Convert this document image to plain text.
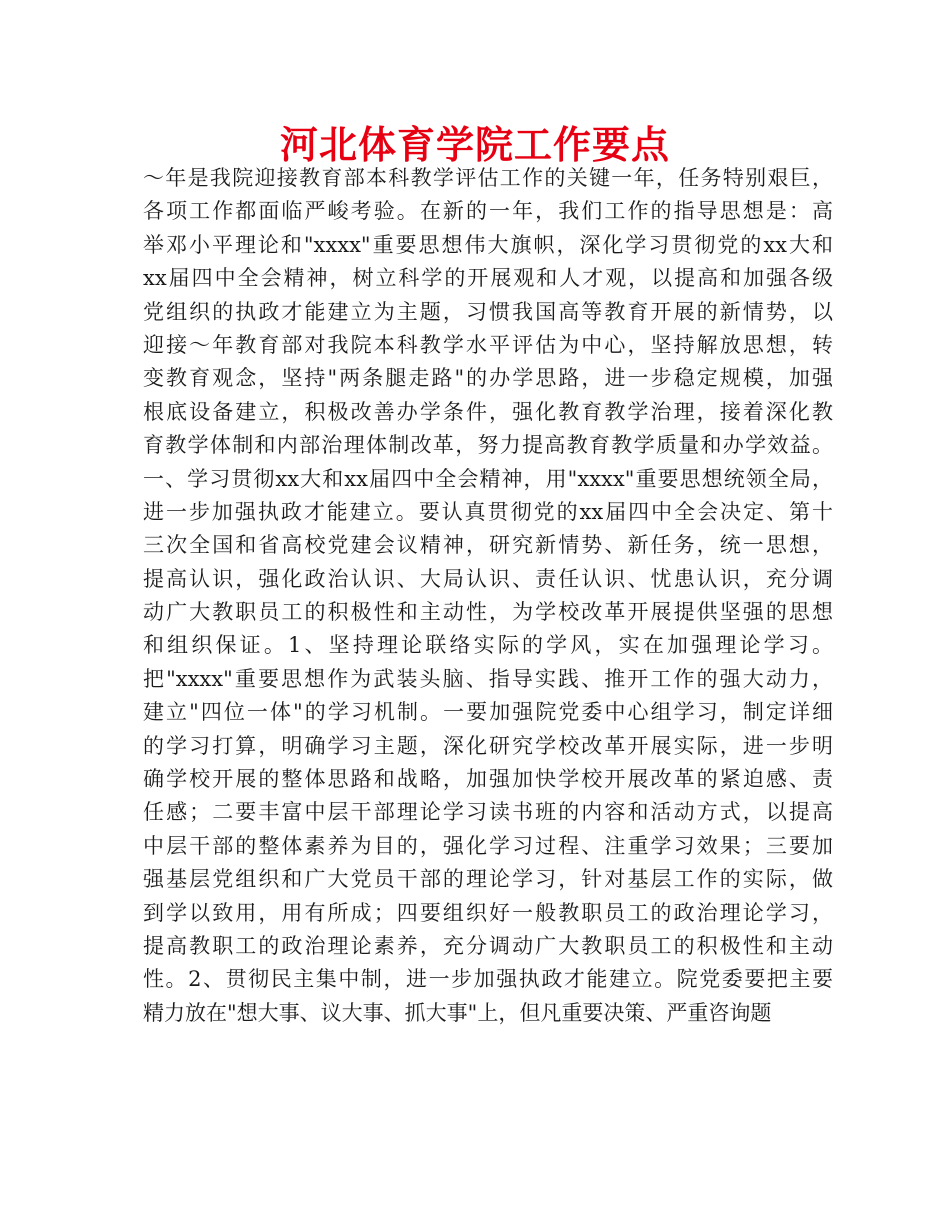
河北体育学院工作要点
～年是我院迎接教育部本科教学评估工作的关键一年，任务特别艰巨，
各项工作都面临严峻考验。在新的一年，我们工作的指导思想是：高
举邓小平理论和"xxxx"重要思想伟大旗帜，深化学习贯彻党的xx大和
xx届四中全会精神，树立科学的开展观和人才观，以提高和加强各级
党组织的执政才能建立为主题，习惯我国高等教育开展的新情势，以
迎接～年教育部对我院本科教学水平评估为中心，坚持解放思想，转
变教育观念，坚持"两条腿走路"的办学思路，进一步稳定规模，加强
根底设备建立，积极改善办学条件，强化教育教学治理，接着深化教
育教学体制和内部治理体制改革，努力提高教育教学质量和办学效益。
一、学习贯彻xx大和xx届四中全会精神，用"xxxx"重要思想统领全局，
进一步加强执政才能建立。要认真贯彻党的xx届四中全会决定、第十
三次全国和省高校党建会议精神，研究新情势、新任务，统一思想，
提高认识，强化政治认识、大局认识、责任认识、忧患认识，充分调
动广大教职员工的积极性和主动性，为学校改革开展提供坚强的思想
和组织保证。1、坚持理论联络实际的学风，实在加强理论学习。
把"xxxx"重要思想作为武装头脑、指导实践、推开工作的强大动力，
建立"四位一体"的学习机制。一要加强院党委中心组学习，制定详细
的学习打算，明确学习主题，深化研究学校改革开展实际，进一步明
确学校开展的整体思路和战略，加强加快学校开展改革的紧迫感、责
任感；二要丰富中层干部理论学习读书班的内容和活动方式，以提高
中层干部的整体素养为目的，强化学习过程、注重学习效果；三要加
强基层党组织和广大党员干部的理论学习，针对基层工作的实际，做
到学以致用，用有所成；四要组织好一般教职员工的政治理论学习，
提高教职工的政治理论素养，充分调动广大教职员工的积极性和主动
性。2、贯彻民主集中制，进一步加强执政才能建立。院党委要把主要
精力放在"想大事、议大事、抓大事"上，但凡重要决策、严重咨询题
